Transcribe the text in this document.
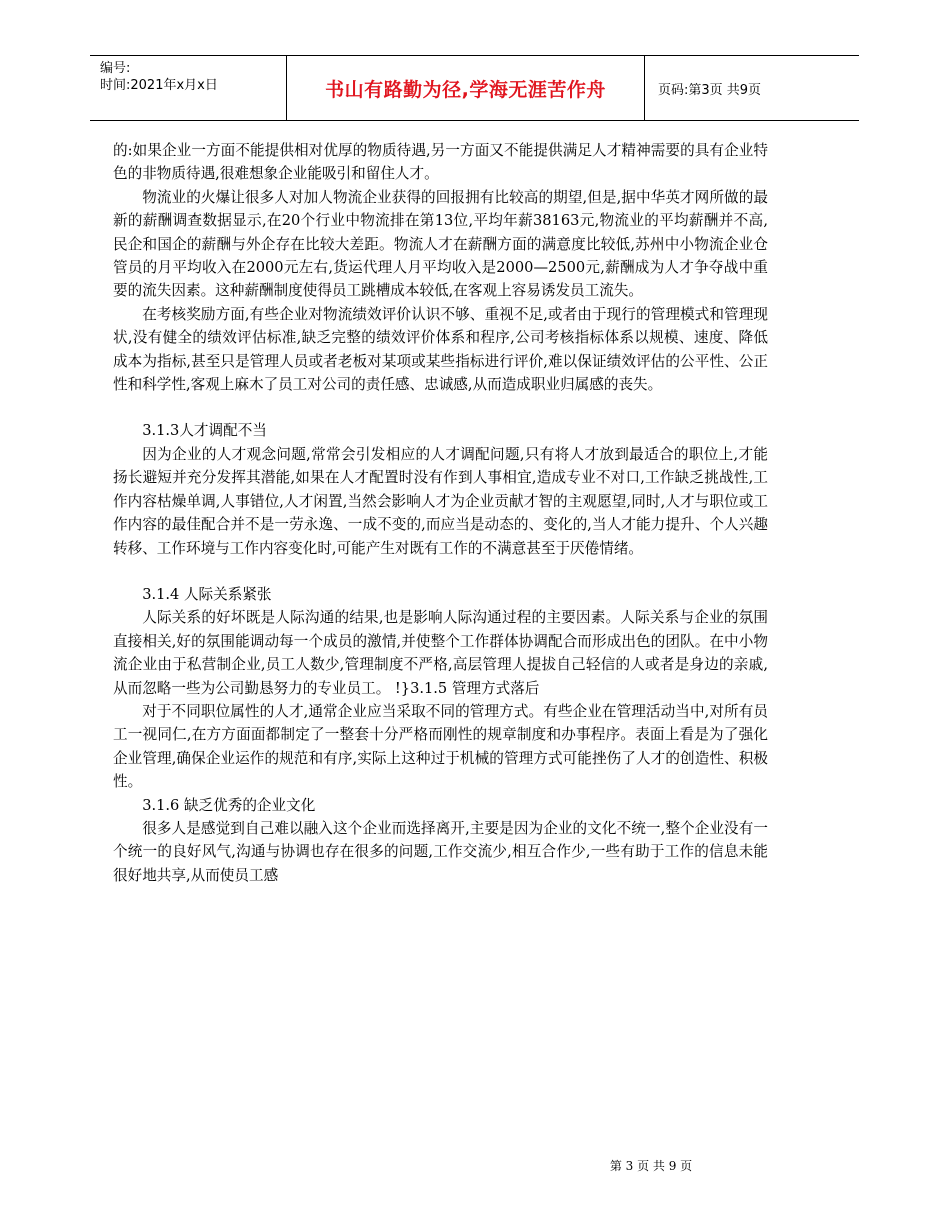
编号:
时间:2021年x月x日	书山有路勤为径,学海无涯苦作舟	页码:第3页 共9页

的:如果企业一方面不能提供相对优厚的物质待遇,另一方面又不能提供满足人才精神需要的具有企业特色的非物质待遇,很难想象企业能吸引和留住人才。

物流业的火爆让很多人对加人物流企业获得的回报拥有比较高的期望,但是,据中华英才网所做的最新的薪酬调查数据显示,在20个行业中物流排在第13位,平均年薪38163元,物流业的平均薪酬并不高,民企和国企的薪酬与外企存在比较大差距。物流人才在薪酬方面的满意度比较低,苏州中小物流企业仓管员的月平均收入在2000元左右,货运代理人月平均收入是2000—2500元,薪酬成为人才争夺战中重要的流失因素。这种薪酬制度使得员工跳槽成本较低,在客观上容易诱发员工流失。

在考核奖励方面,有些企业对物流绩效评价认识不够、重视不足,或者由于现行的管理模式和管理现状,没有健全的绩效评估标准,缺乏完整的绩效评价体系和程序,公司考核指标体系以规模、速度、降低成本为指标,甚至只是管理人员或者老板对某项或某些指标进行评价,难以保证绩效评估的公平性、公正性和科学性,客观上麻木了员工对公司的责任感、忠诚感,从而造成职业归属感的丧失。

3.1.3人才调配不当

因为企业的人才观念问题,常常会引发相应的人才调配问题,只有将人才放到最适合的职位上,才能扬长避短并充分发挥其潜能,如果在人才配置时没有作到人事相宜,造成专业不对口,工作缺乏挑战性,工作内容枯燥单调,人事错位,人才闲置,当然会影响人才为企业贡献才智的主观愿望,同时,人才与职位或工作内容的最佳配合并不是一劳永逸、一成不变的,而应当是动态的、变化的,当人才能力提升、个人兴趣转移、工作环境与工作内容变化时,可能产生对既有工作的不满意甚至于厌倦情绪。

3.1.4 人际关系紧张

人际关系的好坏既是人际沟通的结果,也是影响人际沟通过程的主要因素。人际关系与企业的氛围直接相关,好的氛围能调动每一个成员的激情,并使整个工作群体协调配合而形成出色的团队。在中小物流企业由于私营制企业,员工人数少,管理制度不严格,高层管理人提拔自己轻信的人或者是身边的亲戚,从而忽略一些为公司勤恳努力的专业员工。 !}3.1.5 管理方式落后

对于不同职位属性的人才,通常企业应当采取不同的管理方式。有些企业在管理活动当中,对所有员工一视同仁,在方方面面都制定了一整套十分严格而刚性的规章制度和办事程序。表面上看是为了强化企业管理,确保企业运作的规范和有序,实际上这种过于机械的管理方式可能挫伤了人才的创造性、积极性。

3.1.6 缺乏优秀的企业文化

很多人是感觉到自己难以融入这个企业而选择离开,主要是因为企业的文化不统一,整个企业没有一个统一的良好风气,沟通与协调也存在很多的问题,工作交流少,相互合作少,一些有助于工作的信息未能很好地共享,从而使员工感

第 3 页 共 9 页
